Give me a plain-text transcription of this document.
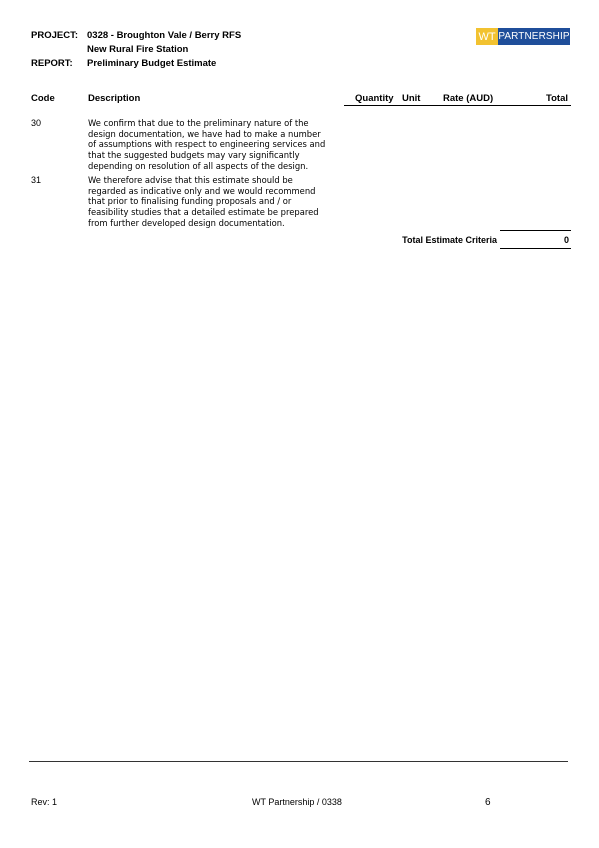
PROJECT: 0328 - Broughton Vale / Berry RFS
New Rural Fire Station
REPORT: Preliminary Budget Estimate
WT PARTNERSHIP
Code	Description	Quantity Unit Rate (AUD)	Total
30	We confirm that due to the preliminary nature of the
design documentation, we have had to make a number
of assumptions with respect to engineering services and
that the suggested budgets may vary significantly
depending on resolution of all aspects of the design.
31	We therefore advise that this estimate should be
regarded as indicative only and we would recommend
that prior to finalising funding proposals and / or
feasibility studies that a detailed estimate be prepared
from further developed design documentation.
Total Estimate Criteria	0
Rev: 1	WT Partnership / 0338	6
